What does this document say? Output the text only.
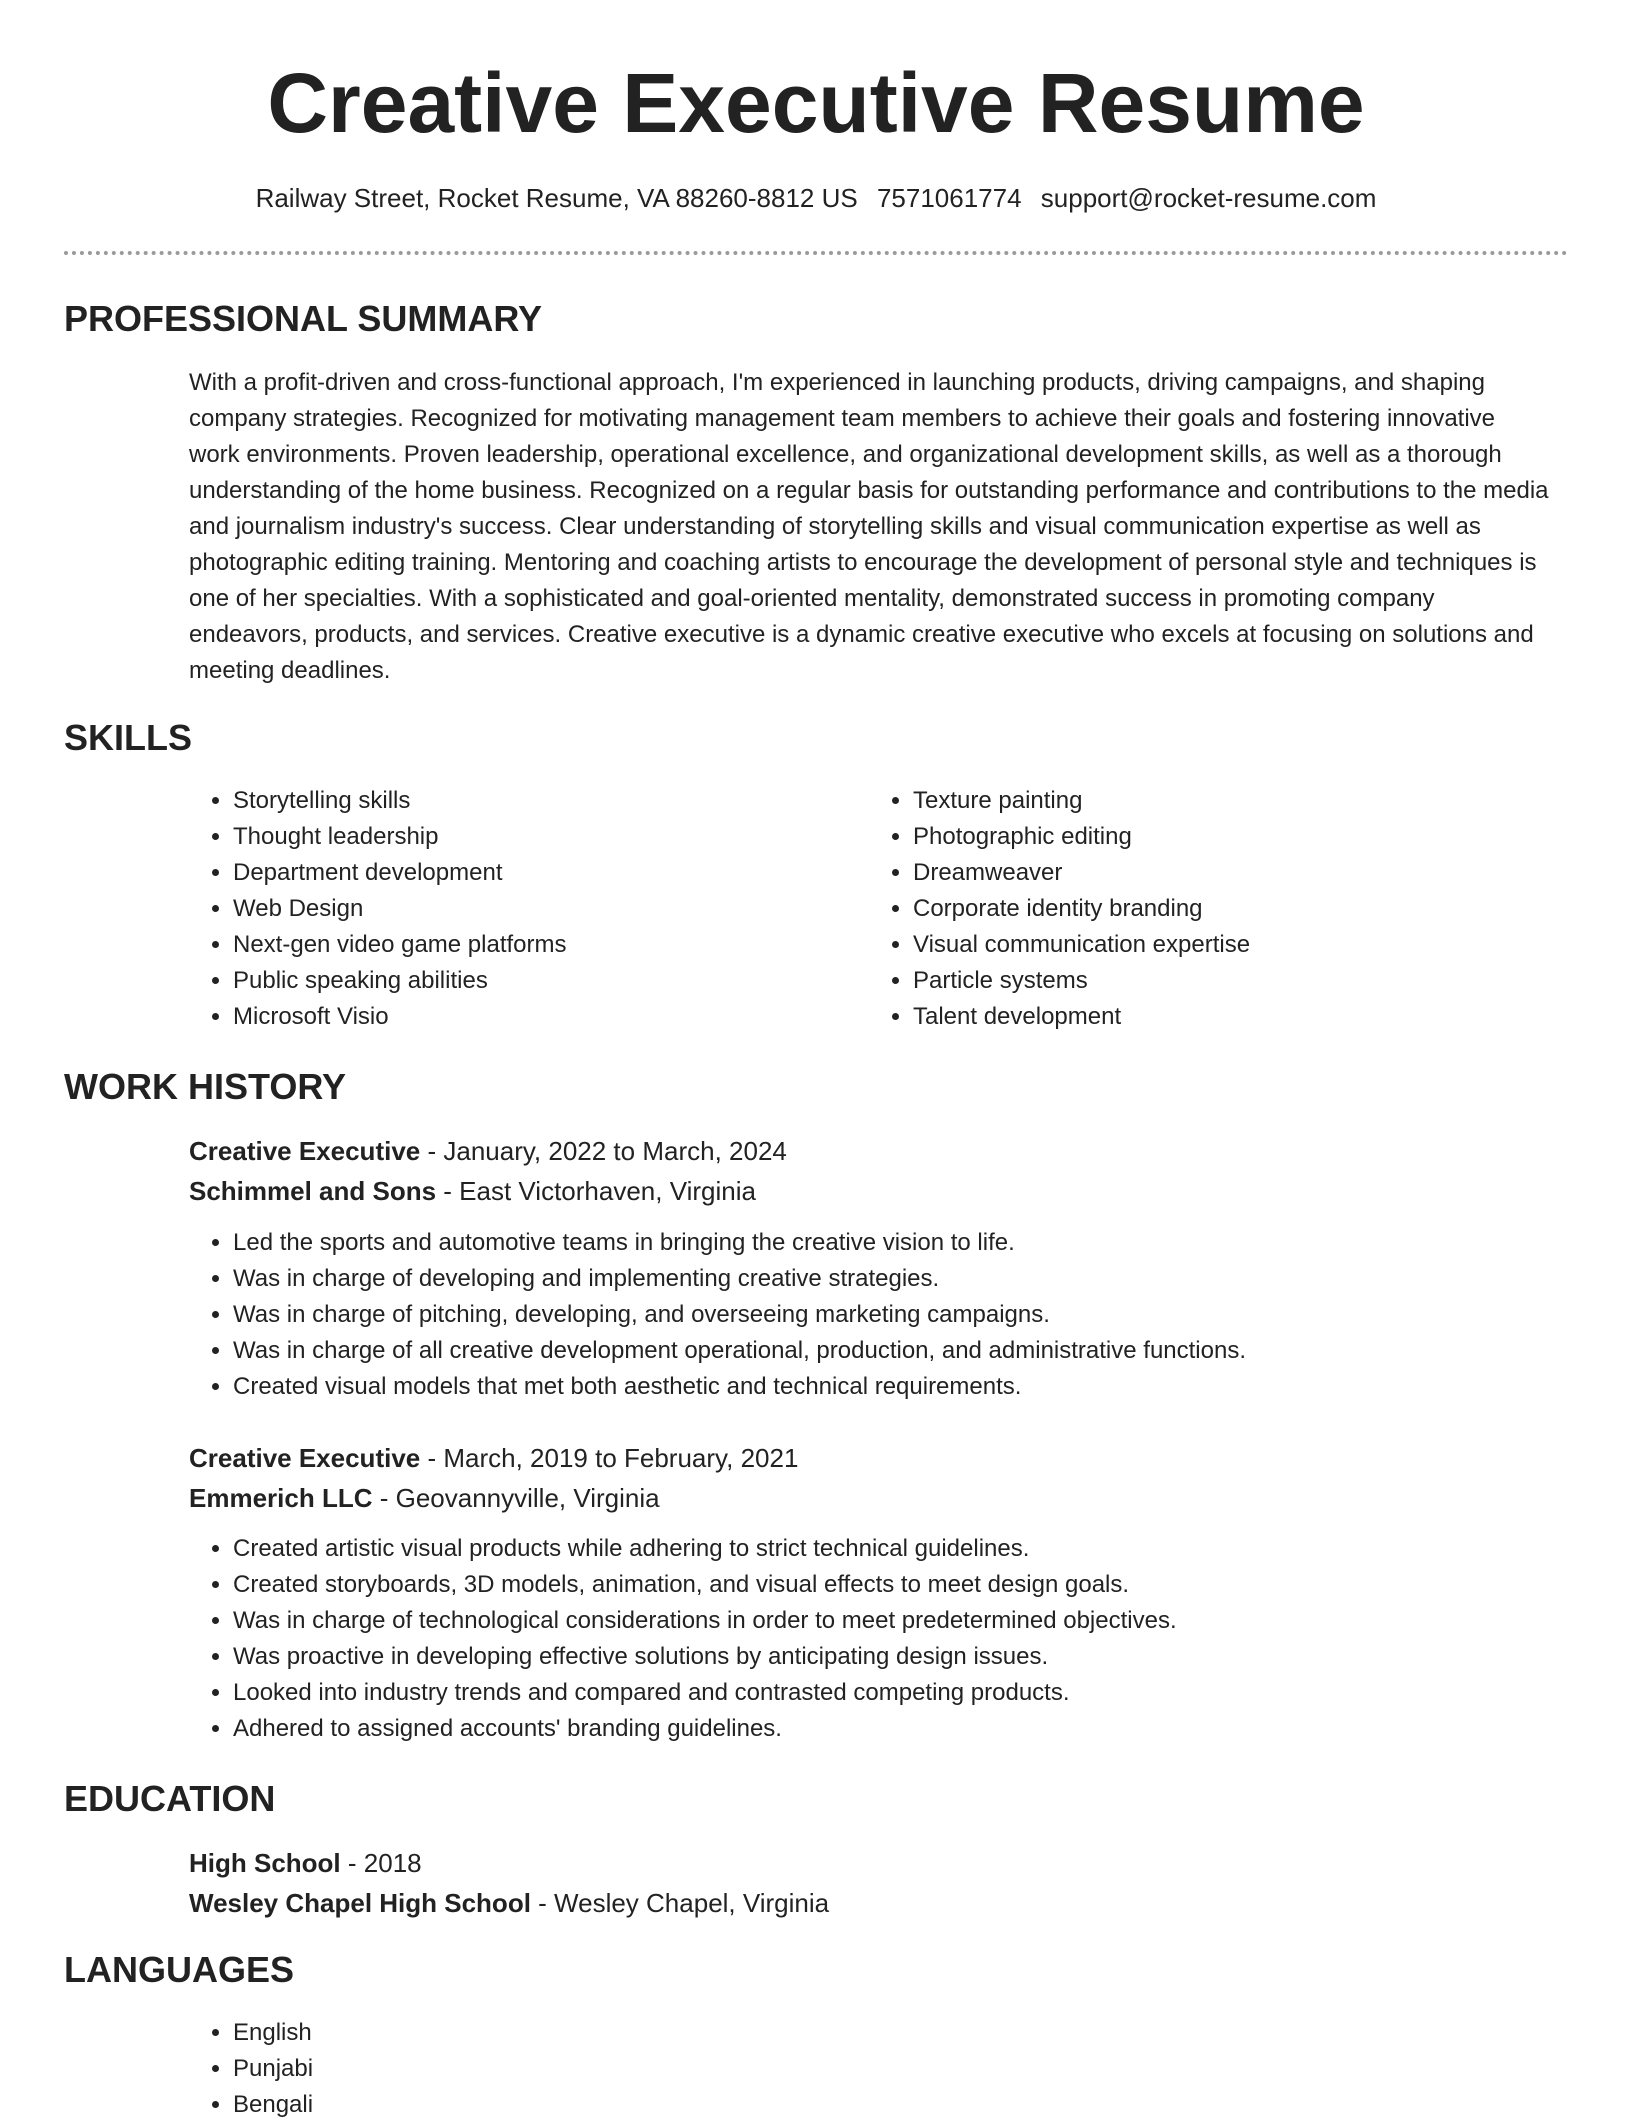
Creative Executive Resume
Railway Street, Rocket Resume, VA 88260-8812 US 7571061774 support@rocket-resume.com
PROFESSIONAL SUMMARY

With a profit-driven and cross-functional approach, I'm experienced in launching products, driving campaigns, and shaping company strategies. Recognized for motivating management team members to achieve their goals and fostering innovative work environments. Proven leadership, operational excellence, and organizational development skills, as well as a thorough understanding of the home business. Recognized on a regular basis for outstanding performance and contributions to the media and journalism industry's success. Clear understanding of storytelling skills and visual communication expertise as well as photographic editing training. Mentoring and coaching artists to encourage the development of personal style and techniques is one of her specialties. With a sophisticated and goal-oriented mentality, demonstrated success in promoting company endeavors, products, and services. Creative executive is a dynamic creative executive who excels at focusing on solutions and meeting deadlines.

SKILLS
• Storytelling skills
• Thought leadership
• Department development
• Web Design
• Next-gen video game platforms
• Public speaking abilities
• Microsoft Visio
• Texture painting
• Photographic editing
• Dreamweaver
• Corporate identity branding
• Visual communication expertise
• Particle systems
• Talent development
WORK HISTORY
Creative Executive - January, 2022 to March, 2024
Schimmel and Sons - East Victorhaven, Virginia
• Led the sports and automotive teams in bringing the creative vision to life.
• Was in charge of developing and implementing creative strategies.
• Was in charge of pitching, developing, and overseeing marketing campaigns.
• Was in charge of all creative development operational, production, and administrative functions.
• Created visual models that met both aesthetic and technical requirements.
Creative Executive - March, 2019 to February, 2021
Emmerich LLC - Geovannyville, Virginia
• Created artistic visual products while adhering to strict technical guidelines.
• Created storyboards, 3D models, animation, and visual effects to meet design goals.
• Was in charge of technological considerations in order to meet predetermined objectives.
• Was proactive in developing effective solutions by anticipating design issues.
• Looked into industry trends and compared and contrasted competing products.
• Adhered to assigned accounts' branding guidelines.
EDUCATION
High School - 2018
Wesley Chapel High School - Wesley Chapel, Virginia
LANGUAGES
• English
• Punjabi
• Bengali
